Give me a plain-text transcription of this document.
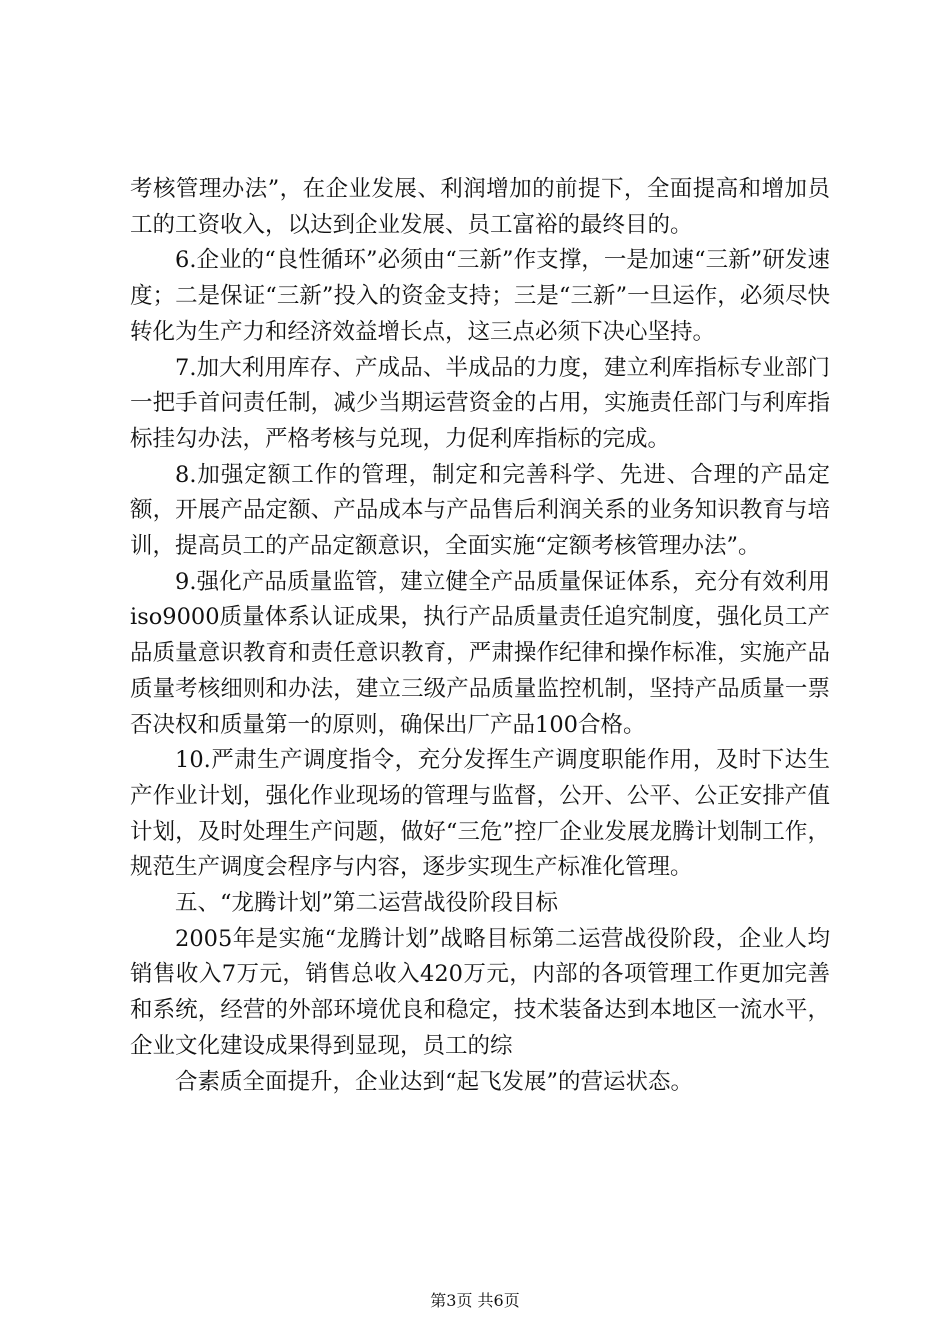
考核管理办法”，在企业发展、利润增加的前提下，全面提高和增加员工的工资收入，以达到企业发展、员工富裕的最终目的。

6.企业的“良性循环”必须由“三新”作支撑，一是加速“三新”研发速度；二是保证“三新”投入的资金支持；三是“三新”一旦运作，必须尽快转化为生产力和经济效益增长点，这三点必须下决心坚持。

7.加大利用库存、产成品、半成品的力度，建立利库指标专业部门一把手首问责任制，减少当期运营资金的占用，实施责任部门与利库指标挂勾办法，严格考核与兑现，力促利库指标的完成。

8.加强定额工作的管理，制定和完善科学、先进、合理的产品定额，开展产品定额、产品成本与产品售后利润关系的业务知识教育与培训，提高员工的产品定额意识，全面实施“定额考核管理办法”。

9.强化产品质量监管，建立健全产品质量保证体系，充分有效利用iso9000质量体系认证成果，执行产品质量责任追究制度，强化员工产品质量意识教育和责任意识教育，严肃操作纪律和操作标准，实施产品质量考核细则和办法，建立三级产品质量监控机制，坚持产品质量一票否决权和质量第一的原则，确保出厂产品100合格。

10.严肃生产调度指令，充分发挥生产调度职能作用，及时下达生产作业计划，强化作业现场的管理与监督，公开、公平、公正安排产值计划，及时处理生产问题，做好“三危”控厂企业发展龙腾计划制工作，规范生产调度会程序与内容，逐步实现生产标准化管理。

五、“龙腾计划”第二运营战役阶段目标

2005年是实施“龙腾计划”战略目标第二运营战役阶段，企业人均销售收入7万元，销售总收入420万元，内部的各项管理工作更加完善和系统，经营的外部环境优良和稳定，技术装备达到本地区一流水平，企业文化建设成果得到显现，员工的综

合素质全面提升，企业达到“起飞发展”的营运状态。

第3页 共6页
